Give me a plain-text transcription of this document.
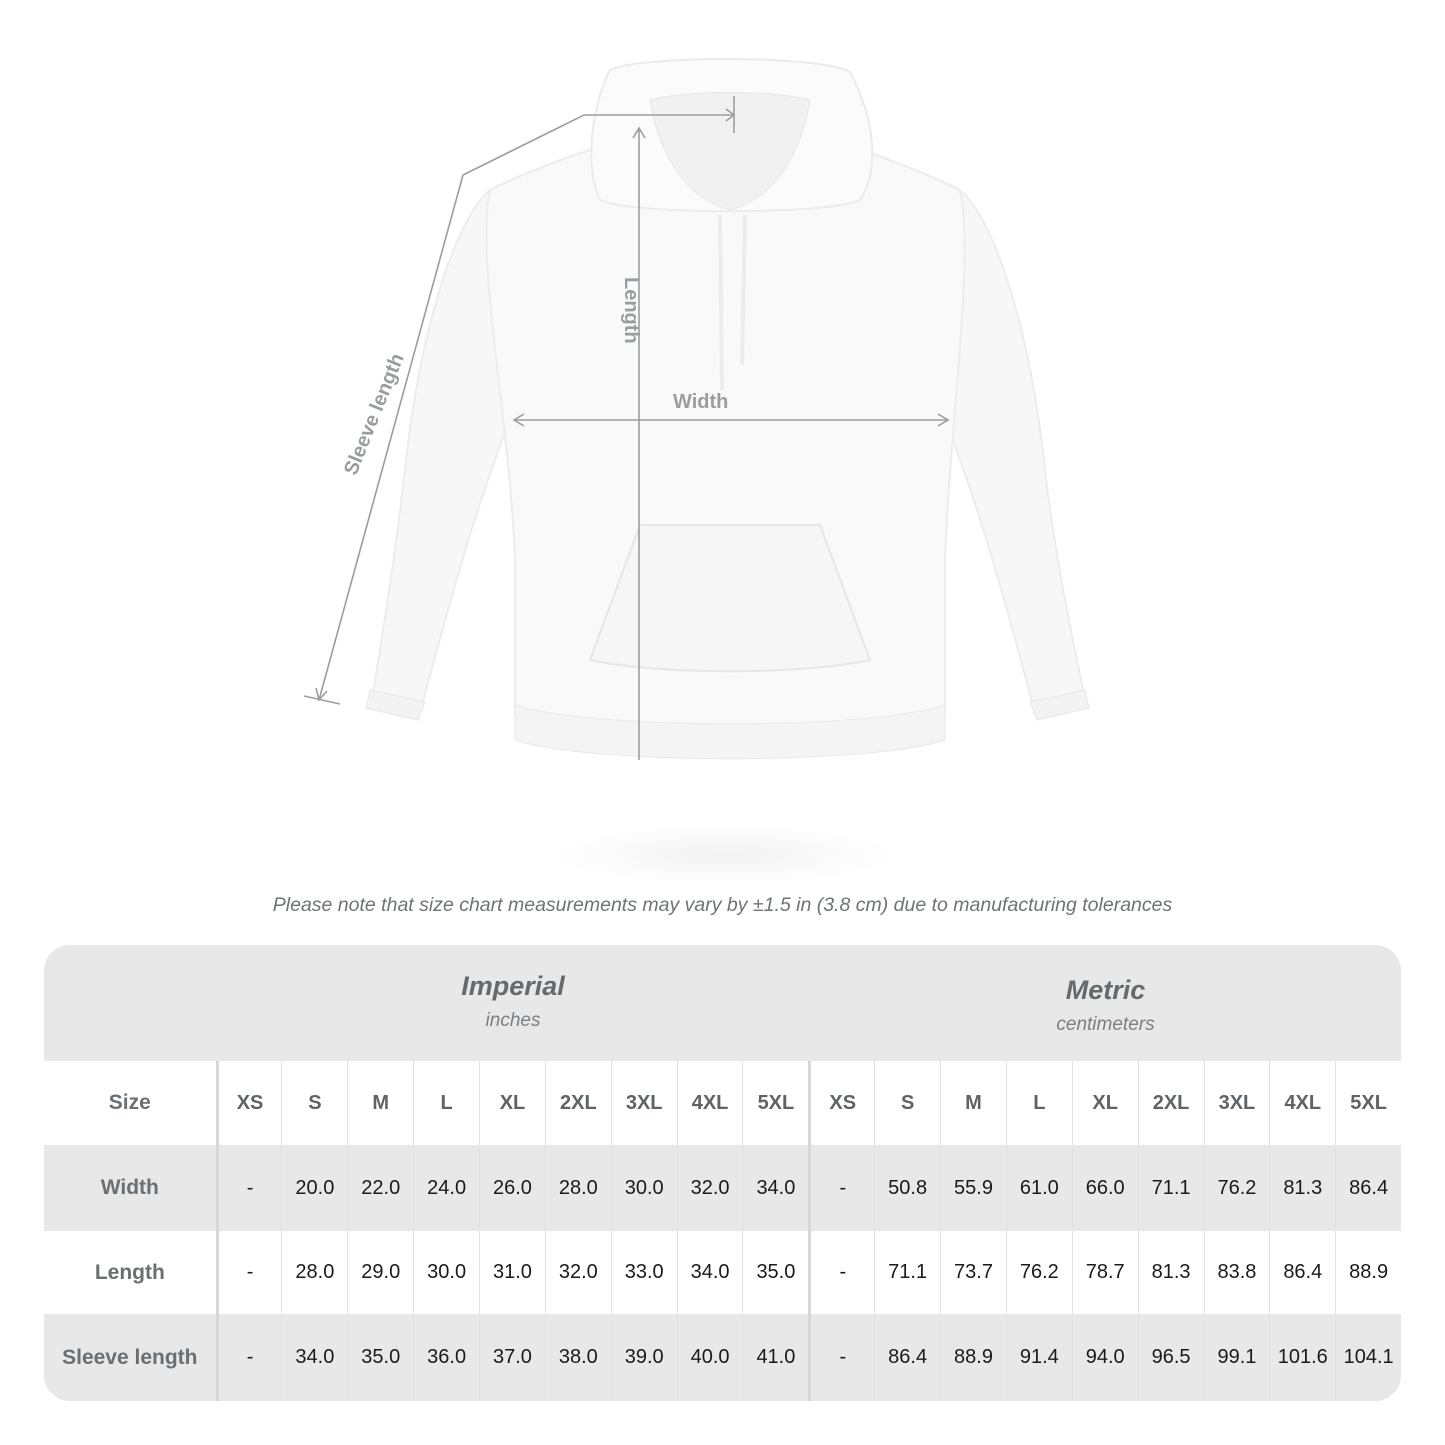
Width
Length
Sleeve length
Please note that size chart measurements may vary by ±1.5 in (3.8 cm) due to manufacturing tolerances
Imperial
inches
Metric
centimeters
Size	XS	S	M	L	XL	2XL	3XL	4XL	5XL	XS	S	M	L	XL	2XL	3XL	4XL	5XL
Width	-	20.0	22.0	24.0	26.0	28.0	30.0	32.0	34.0	-	50.8	55.9	61.0	66.0	71.1	76.2	81.3	86.4
Length	-	28.0	29.0	30.0	31.0	32.0	33.0	34.0	35.0	-	71.1	73.7	76.2	78.7	81.3	83.8	86.4	88.9
Sleeve length	-	34.0	35.0	36.0	37.0	38.0	39.0	40.0	41.0	-	86.4	88.9	91.4	94.0	96.5	99.1	101.6 104.1
